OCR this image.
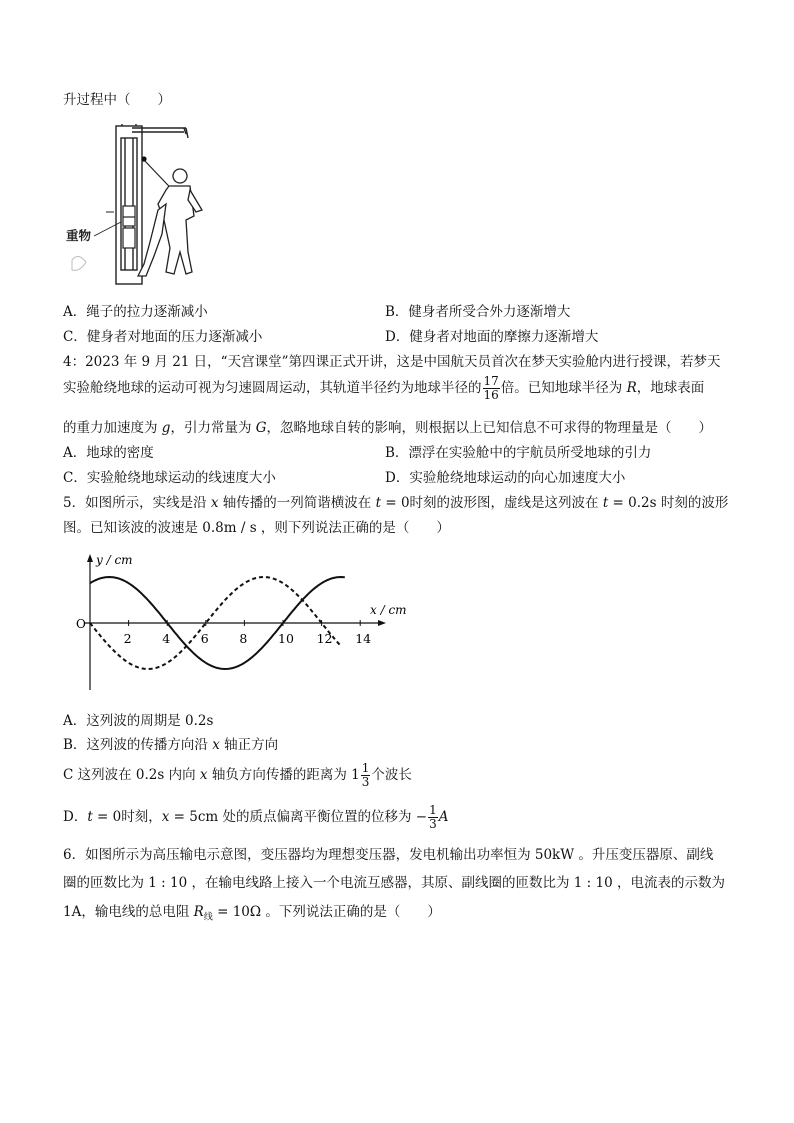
升过程中（　　）
重物
A．绳子的拉力逐渐减小	B．健身者所受合外力逐渐增大
C．健身者对地面的压力逐渐减小	D．健身者对地面的摩擦力逐渐增大
4：2023 年 9 月 21 日，“天宫课堂”第四课正式开讲，这是中国航天员首次在梦天实验舱内进行授课，若梦天
实验舱绕地球的运动可视为匀速圆周运动，其轨道半径约为地球半径的 $\frac{17}{16}$ 倍。已知地球半径为 R，地球表面
的重力加速度为 g，引力常量为 G，忽略地球自转的影响，则根据以上已知信息不可求得的物理量是（　　）
A．地球的密度	B．漂浮在实验舱中的宇航员所受地球的引力
C．实验舱绕地球运动的线速度大小	D．实验舱绕地球运动的向心加速度大小
5．如图所示，实线是沿 x 轴传播的一列简谐横波在 t = 0时刻的波形图，虚线是这列波在 t = 0.2s 时刻的波形
图。已知该波的波速是 0.8m / s ，则下列说法正确的是（　　）
y / cm
x / cm
O
2 4 6 8 10 12 14
A．这列波的周期是 0.2s
B．这列波的传播方向沿 x 轴正方向
C 这列波在 0.2s 内向 x 轴负方向传播的距离为 $1 \frac{1}{3}$ 个波长
D．t = 0时刻，x = 5cm 处的质点偏离平衡位置的位移为 − $\frac{1}{3}$ A
6．如图所示为高压输电示意图，变压器均为理想变压器，发电机输出功率恒为 50kW 。升压变压器原、副线
圈的匝数比为 1 : 10 ，在输电线路上接入一个电流互感器，其原、副线圈的匝数比为 1 : 10 ，电流表的示数为
1A，输电线的总电阻 $R_线 = 10\Omega$ 。下列说法正确的是（　　）
